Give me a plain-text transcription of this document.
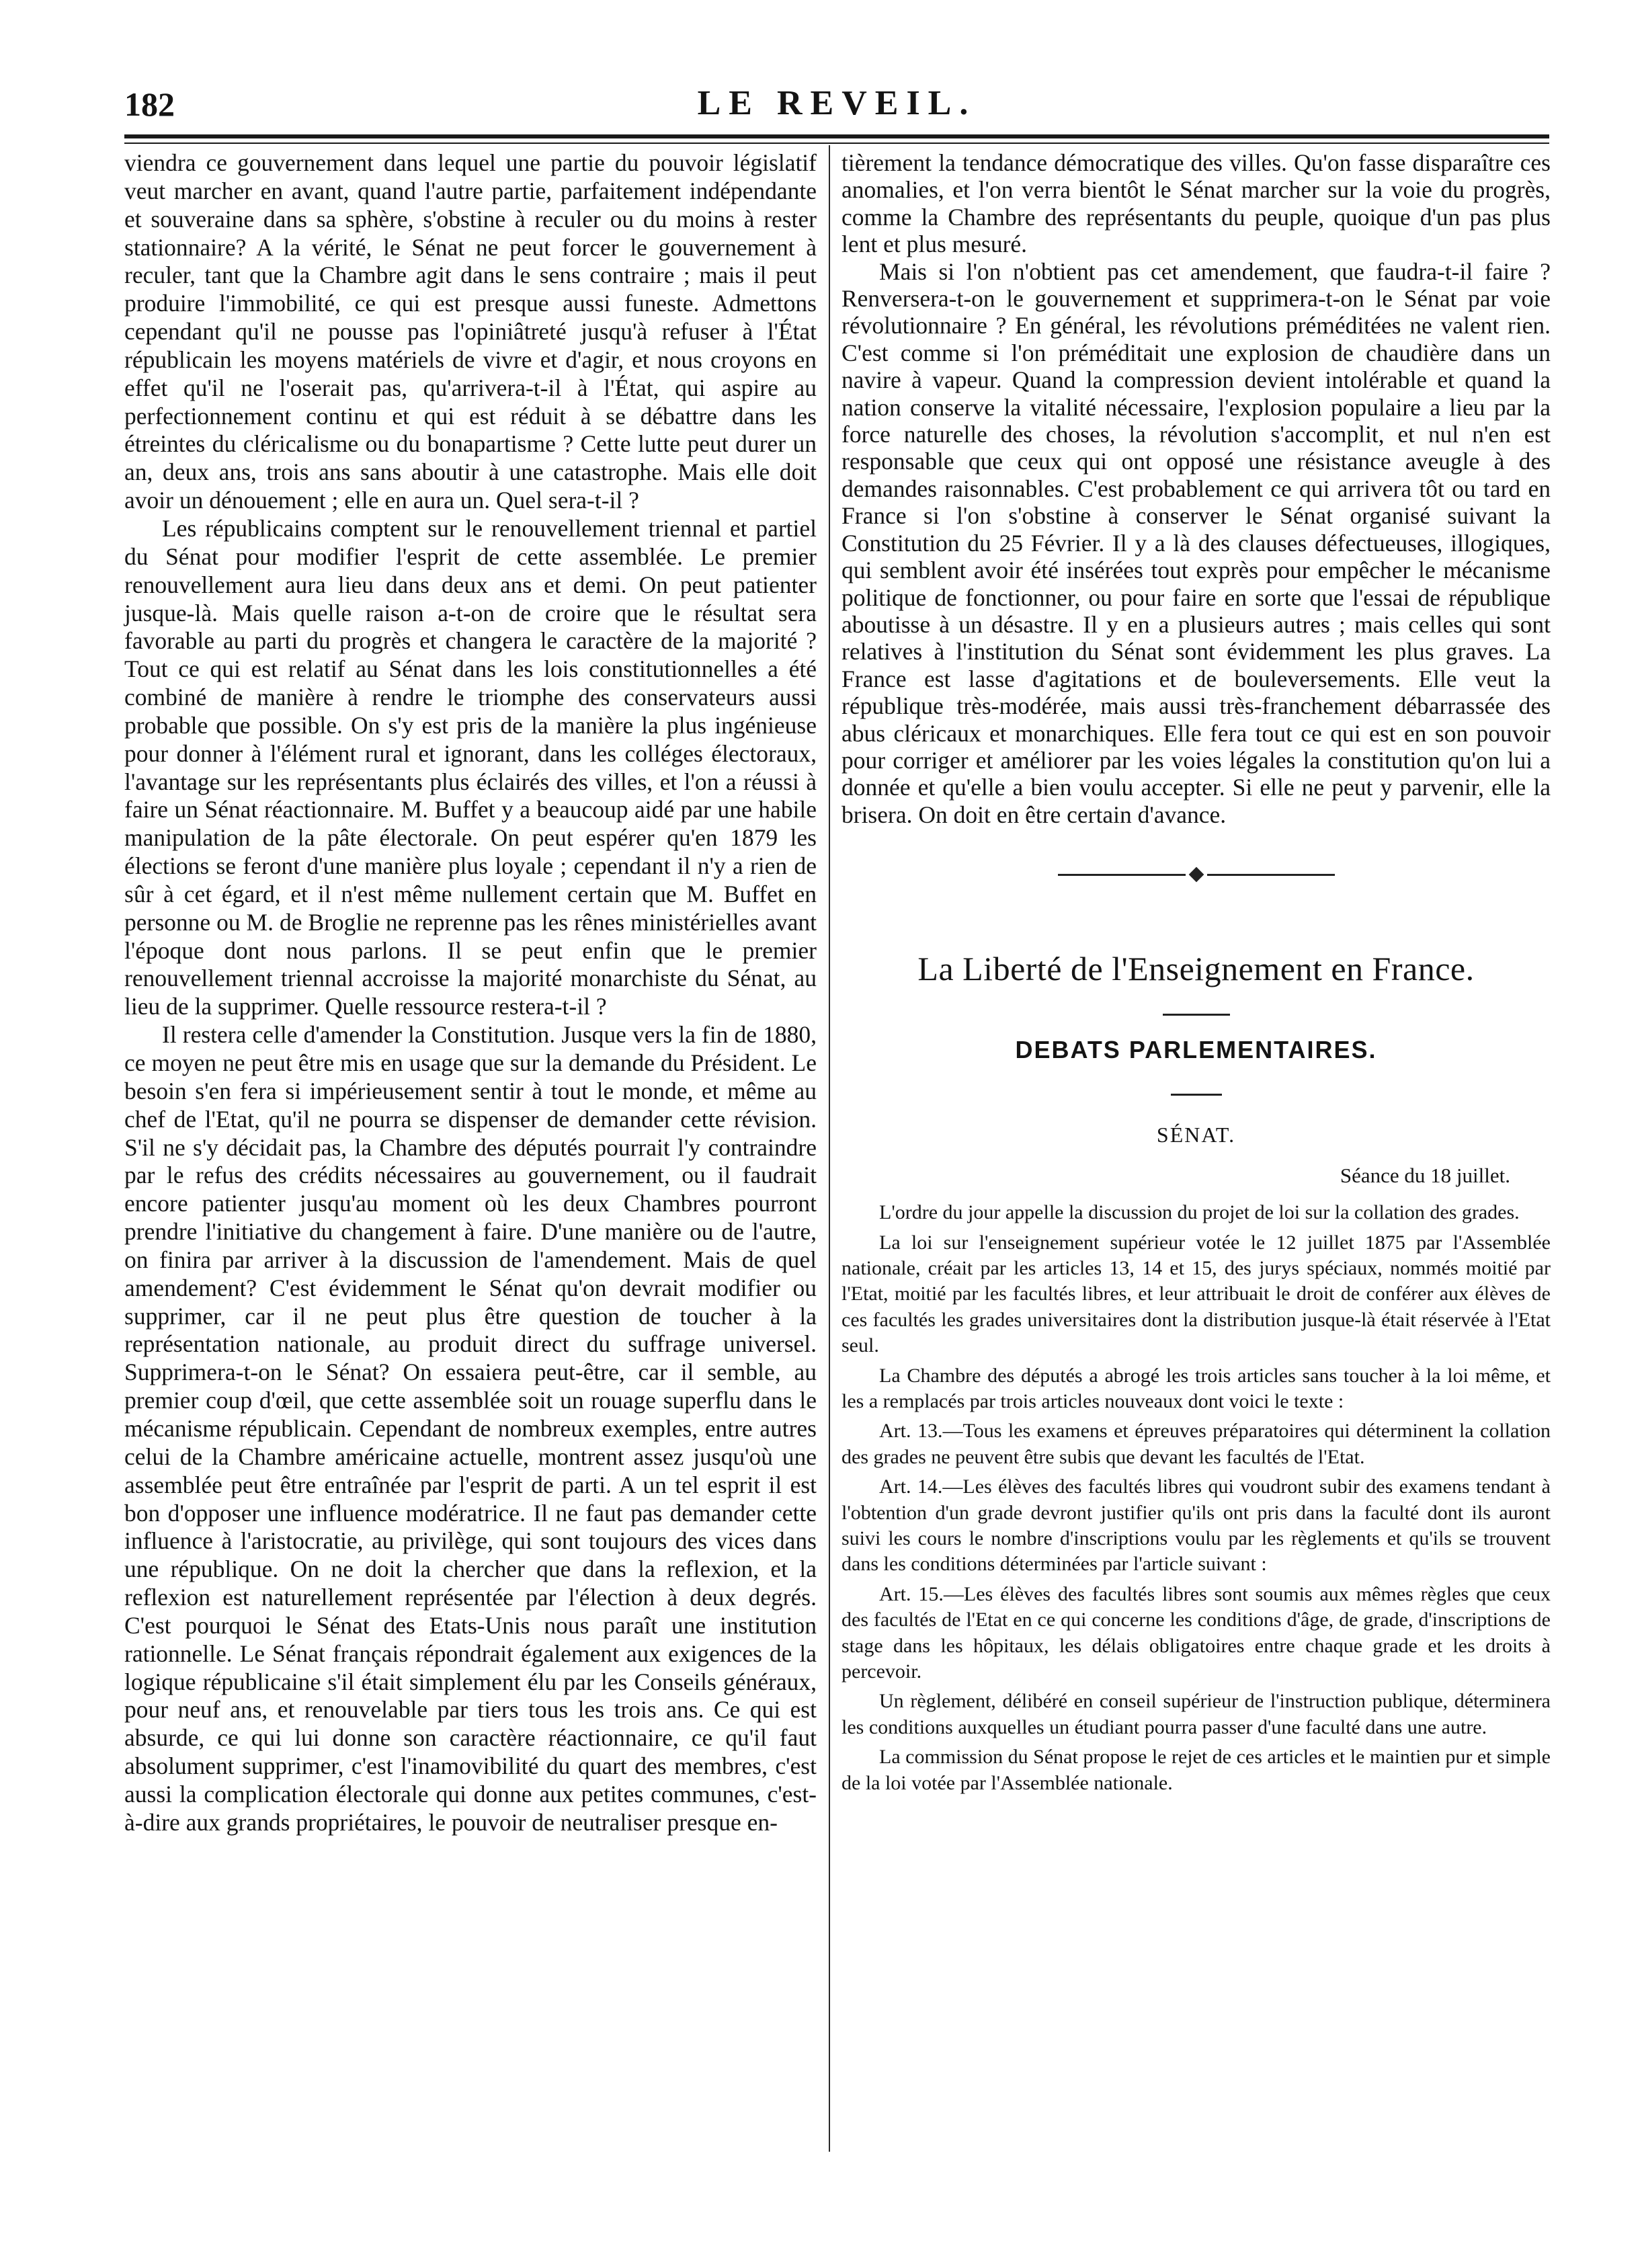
182	LE REVEIL.

viendra ce gouvernement dans lequel une partie du pouvoir législatif veut marcher en avant, quand l'autre partie, parfaitement indépendante et souveraine dans sa sphère, s'obstine à reculer ou du moins à rester stationnaire? A la vérité, le Sénat ne peut forcer le gouvernement à reculer, tant que la Chambre agit dans le sens contraire ; mais il peut produire l'immobilité, ce qui est presque aussi funeste. Admettons cependant qu'il ne pousse pas l'opiniâtreté jusqu'à refuser à l'État républicain les moyens matériels de vivre et d'agir, et nous croyons en effet qu'il ne l'oserait pas, qu'arrivera-t-il à l'État, qui aspire au perfectionnement continu et qui est réduit à se débattre dans les étreintes du cléricalisme ou du bonapartisme ? Cette lutte peut durer un an, deux ans, trois ans sans aboutir à une catastrophe. Mais elle doit avoir un dénouement ; elle en aura un. Quel sera-t-il ?

Les républicains comptent sur le renouvellement triennal et partiel du Sénat pour modifier l'esprit de cette assemblée. Le premier renouvellement aura lieu dans deux ans et demi. On peut patienter jusque-là. Mais quelle raison a-t-on de croire que le résultat sera favorable au parti du progrès et changera le caractère de la majorité ? Tout ce qui est relatif au Sénat dans les lois constitutionnelles a été combiné de manière à rendre le triomphe des conservateurs aussi probable que possible. On s'y est pris de la manière la plus ingénieuse pour donner à l'élément rural et ignorant, dans les colléges électoraux, l'avantage sur les représentants plus éclairés des villes, et l'on a réussi à faire un Sénat réactionnaire. M. Buffet y a beaucoup aidé par une habile manipulation de la pâte électorale. On peut espérer qu'en 1879 les élections se feront d'une manière plus loyale ; cependant il n'y a rien de sûr à cet égard, et il n'est même nullement certain que M. Buffet en personne ou M. de Broglie ne reprenne pas les rênes ministérielles avant l'époque dont nous parlons. Il se peut enfin que le premier renouvellement triennal accroisse la majorité monarchiste du Sénat, au lieu de la supprimer. Quelle ressource restera-t-il ?

Il restera celle d'amender la Constitution. Jusque vers la fin de 1880, ce moyen ne peut être mis en usage que sur la demande du Président. Le besoin s'en fera si impérieusement sentir à tout le monde, et même au chef de l'Etat, qu'il ne pourra se dispenser de demander cette révision. S'il ne s'y décidait pas, la Chambre des députés pourrait l'y contraindre par le refus des crédits nécessaires au gouvernement, ou il faudrait encore patienter jusqu'au moment où les deux Chambres pourront prendre l'initiative du changement à faire. D'une manière ou de l'autre, on finira par arriver à la discussion de l'amendement. Mais de quel amendement? C'est évidemment le Sénat qu'on devrait modifier ou supprimer, car il ne peut plus être question de toucher à la représentation nationale, au produit direct du suffrage universel. Supprimera-t-on le Sénat? On essaiera peut-être, car il semble, au premier coup d'œil, que cette assemblée soit un rouage superflu dans le mécanisme républicain. Cependant de nombreux exemples, entre autres celui de la Chambre américaine actuelle, montrent assez jusqu'où une assemblée peut être entraînée par l'esprit de parti. A un tel esprit il est bon d'opposer une influence modératrice. Il ne faut pas demander cette influence à l'aristocratie, au privilège, qui sont toujours des vices dans une république. On ne doit la chercher que dans la reflexion, et la reflexion est naturellement représentée par l'élection à deux degrés. C'est pourquoi le Sénat des Etats-Unis nous paraît une institution rationnelle. Le Sénat français répondrait également aux exigences de la logique républicaine s'il était simplement élu par les Conseils généraux, pour neuf ans, et renouvelable par tiers tous les trois ans. Ce qui est absurde, ce qui lui donne son caractère réactionnaire, ce qu'il faut absolument supprimer, c'est l'inamovibilité du quart des membres, c'est aussi la complication électorale qui donne aux petites communes, c'est-à-dire aux grands propriétaires, le pouvoir de neutraliser presque en-

tièrement la tendance démocratique des villes. Qu'on fasse disparaître ces anomalies, et l'on verra bientôt le Sénat marcher sur la voie du progrès, comme la Chambre des représentants du peuple, quoique d'un pas plus lent et plus mesuré.

Mais si l'on n'obtient pas cet amendement, que faudra-t-il faire ? Renversera-t-on le gouvernement et supprimera-t-on le Sénat par voie révolutionnaire ? En général, les révolutions préméditées ne valent rien. C'est comme si l'on préméditait une explosion de chaudière dans un navire à vapeur. Quand la compression devient intolérable et quand la nation conserve la vitalité nécessaire, l'explosion populaire a lieu par la force naturelle des choses, la révolution s'accomplit, et nul n'en est responsable que ceux qui ont opposé une résistance aveugle à des demandes raisonnables. C'est probablement ce qui arrivera tôt ou tard en France si l'on s'obstine à conserver le Sénat organisé suivant la Constitution du 25 Février. Il y a là des clauses défectueuses, illogiques, qui semblent avoir été insérées tout exprès pour empêcher le mécanisme politique de fonctionner, ou pour faire en sorte que l'essai de république aboutisse à un désastre. Il y en a plusieurs autres ; mais celles qui sont relatives à l'institution du Sénat sont évidemment les plus graves. La France est lasse d'agitations et de bouleversements. Elle veut la république très-modérée, mais aussi très-franchement débarrassée des abus cléricaux et monarchiques. Elle fera tout ce qui est en son pouvoir pour corriger et améliorer par les voies légales la constitution qu'on lui a donnée et qu'elle a bien voulu accepter. Si elle ne peut y parvenir, elle la brisera. On doit en être certain d'avance.

La Liberté de l'Enseignement en France.
DEBATS PARLEMENTAIRES.
SÉNAT.
Séance du 18 juillet.

L'ordre du jour appelle la discussion du projet de loi sur la collation des grades.

La loi sur l'enseignement supérieur votée le 12 juillet 1875 par l'Assemblée nationale, créait par les articles 13, 14 et 15, des jurys spéciaux, nommés moitié par l'Etat, moitié par les facultés libres, et leur attribuait le droit de conférer aux élèves de ces facultés les grades universitaires dont la distribution jusque-là était réservée à l'Etat seul.

La Chambre des députés a abrogé les trois articles sans toucher à la loi même, et les a remplacés par trois articles nouveaux dont voici le texte :

Art. 13.—Tous les examens et épreuves préparatoires qui déterminent la collation des grades ne peuvent être subis que devant les facultés de l'Etat.

Art. 14.—Les élèves des facultés libres qui voudront subir des examens tendant à l'obtention d'un grade devront justifier qu'ils ont pris dans la faculté dont ils auront suivi les cours le nombre d'inscriptions voulu par les règlements et qu'ils se trouvent dans les conditions déterminées par l'article suivant :

Art. 15.—Les élèves des facultés libres sont soumis aux mêmes règles que ceux des facultés de l'Etat en ce qui concerne les conditions d'âge, de grade, d'inscriptions de stage dans les hôpitaux, les délais obligatoires entre chaque grade et les droits à percevoir.

Un règlement, délibéré en conseil supérieur de l'instruction publique, déterminera les conditions auxquelles un étudiant pourra passer d'une faculté dans une autre.

La commission du Sénat propose le rejet de ces articles et le maintien pur et simple de la loi votée par l'Assemblée nationale.
